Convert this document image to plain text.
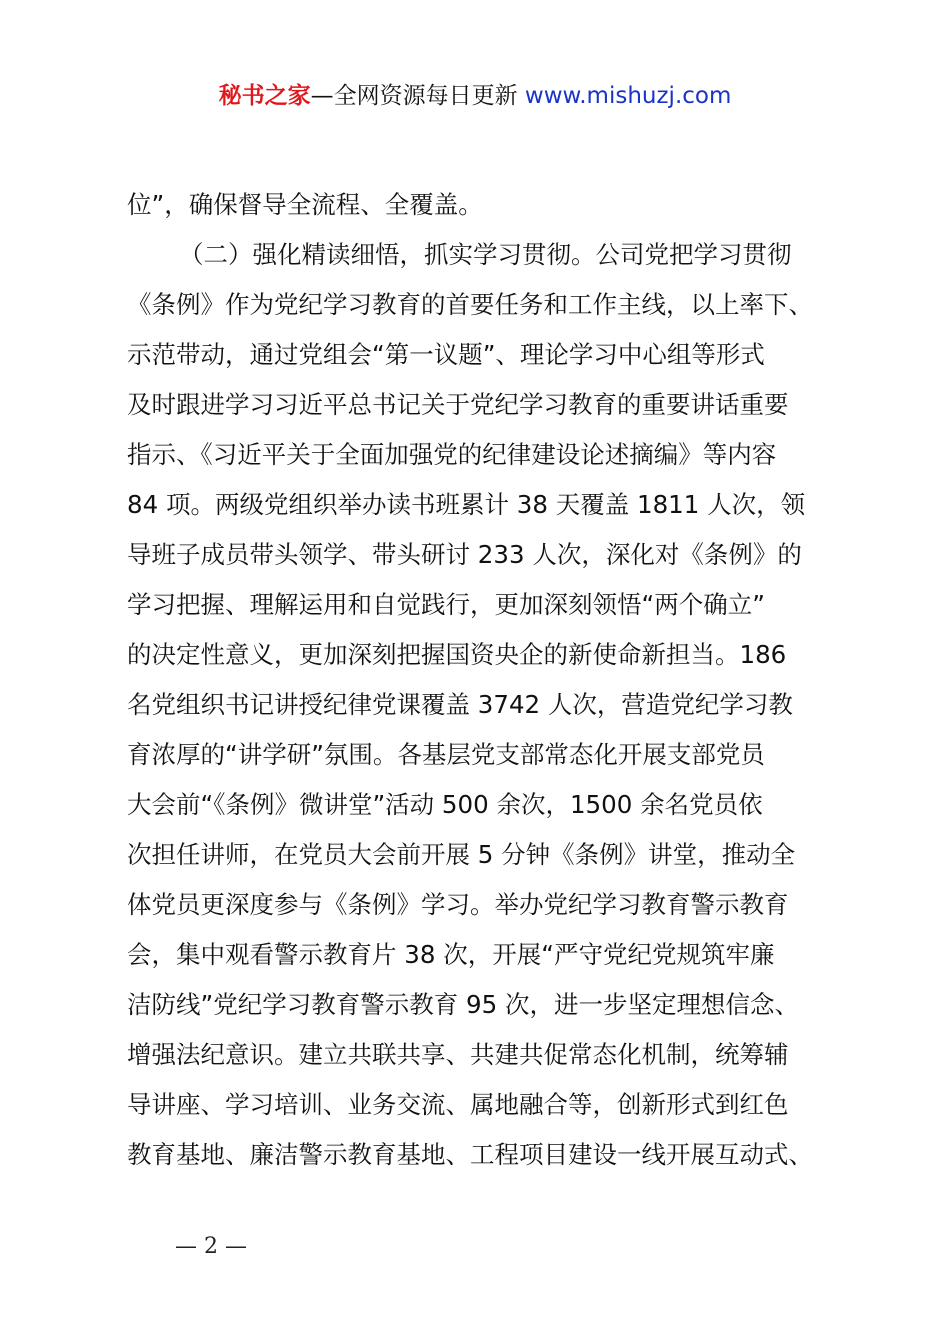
秘书之家—全网资源每日更新 www.mishuzj.com
位”，确保督导全流程、全覆盖。
（二）强化精读细悟，抓实学习贯彻。公司党把学习贯彻
《条例》作为党纪学习教育的首要任务和工作主线，以上率下、
示范带动，通过党组会“第一议题”、理论学习中心组等形式
及时跟进学习习近平总书记关于党纪学习教育的重要讲话重要
指示、《习近平关于全面加强党的纪律建设论述摘编》等内容
84 项。两级党组织举办读书班累计 38 天覆盖 1811 人次，领
导班子成员带头领学、带头研讨 233 人次，深化对《条例》的
学习把握、理解运用和自觉践行，更加深刻领悟“两个确立”
的决定性意义，更加深刻把握国资央企的新使命新担当。186
名党组织书记讲授纪律党课覆盖 3742 人次，营造党纪学习教
育浓厚的“讲学研”氛围。各基层党支部常态化开展支部党员
大会前“《条例》微讲堂”活动 500 余次，1500 余名党员依
次担任讲师，在党员大会前开展 5 分钟《条例》讲堂，推动全
体党员更深度参与《条例》学习。举办党纪学习教育警示教育
会，集中观看警示教育片 38 次，开展“严守党纪党规筑牢廉
洁防线”党纪学习教育警示教育 95 次，进一步坚定理想信念、
增强法纪意识。建立共联共享、共建共促常态化机制，统筹辅
导讲座、学习培训、业务交流、属地融合等，创新形式到红色
教育基地、廉洁警示教育基地、工程项目建设一线开展互动式、
— 2 —
